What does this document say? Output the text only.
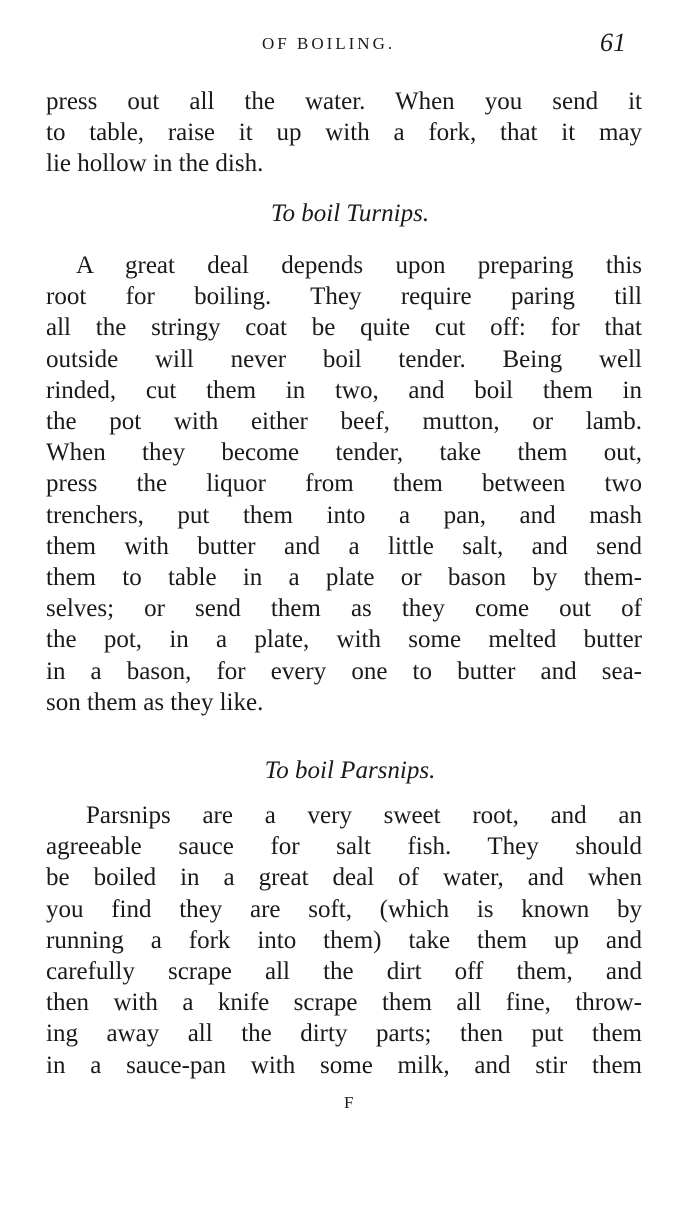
OF BOILING.	61
press out all the water. When you send it
to table, raise it up with a fork, that it may
lie hollow in the dish.
To boil Turnips.
A great deal depends upon preparing this
root for boiling. They require paring till
all the stringy coat be quite cut off: for that
outside will never boil tender. Being well
rinded, cut them in two, and boil them in
the pot with either beef, mutton, or lamb.
When they become tender, take them out,
press the liquor from them between two
trenchers, put them into a pan, and mash
them with butter and a little salt, and send
them to table in a plate or bason by them-
selves; or send them as they come out of
the pot, in a plate, with some melted butter
in a bason, for every one to butter and sea-
son them as they like.
To boil Parsnips.
Parsnips are a very sweet root, and an
agreeable sauce for salt fish. They should
be boiled in a great deal of water, and when
you find they are soft, (which is known by
running a fork into them) take them up and
carefully scrape all the dirt off them, and
then with a knife scrape them all fine, throw-
ing away all the dirty parts; then put them
in a sauce-pan with some milk, and stir them
F
